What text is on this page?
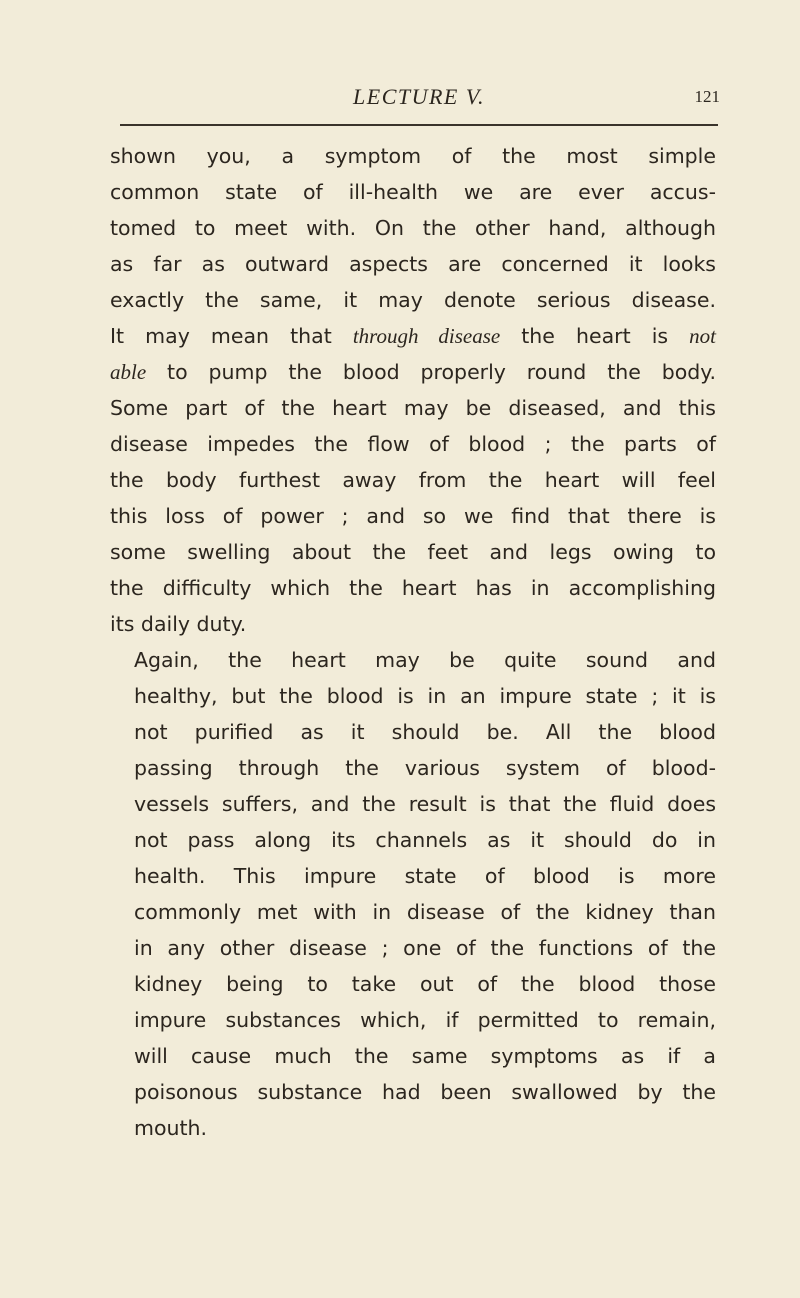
LECTURE V.	121

shown you, a symptom of the most simple
common state of ill-health we are ever accus-
tomed to meet with. On the other hand, although
as far as outward aspects are concerned it looks
exactly the same, it may denote serious disease.
It may mean that through disease the heart is not
able to pump the blood properly round the body.
Some part of the heart may be diseased, and this
disease impedes the flow of blood ; the parts of
the body furthest away from the heart will feel
this loss of power ; and so we find that there is
some swelling about the feet and legs owing to
the difficulty which the heart has in accomplishing
its daily duty.

Again, the heart may be quite sound and
healthy, but the blood is in an impure state ; it is
not purified as it should be. All the blood
passing through the various system of blood-
vessels suffers, and the result is that the fluid does
not pass along its channels as it should do in
health. This impure state of blood is more
commonly met with in disease of the kidney than
in any other disease ; one of the functions of the
kidney being to take out of the blood those
impure substances which, if permitted to remain,
will cause much the same symptoms as if a
poisonous substance had been swallowed by the
mouth.
